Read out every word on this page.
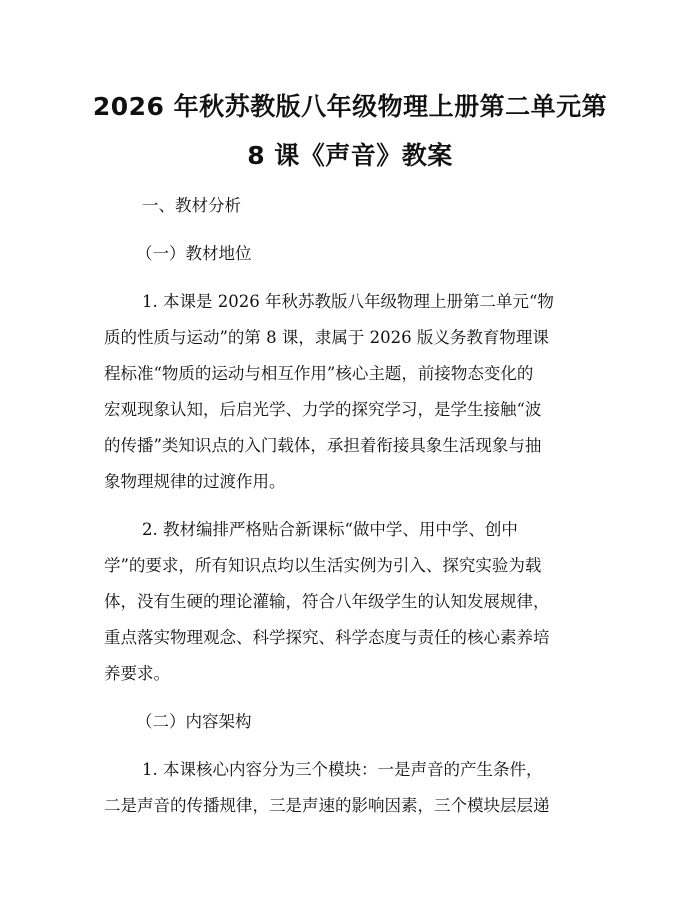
2026 年秋苏教版八年级物理上册第二单元第
8 课《声音》教案
一、教材分析
（一）教材地位
1. 本课是 2026 年秋苏教版八年级物理上册第二单元“物
质的性质与运动”的第 8 课，隶属于 2026 版义务教育物理课
程标准“物质的运动与相互作用”核心主题，前接物态变化的
宏观现象认知，后启光学、力学的探究学习，是学生接触“波
的传播”类知识点的入门载体，承担着衔接具象生活现象与抽
象物理规律的过渡作用。
2. 教材编排严格贴合新课标“做中学、用中学、创中
学”的要求，所有知识点均以生活实例为引入、探究实验为载
体，没有生硬的理论灌输，符合八年级学生的认知发展规律，
重点落实物理观念、科学探究、科学态度与责任的核心素养培
养要求。
（二）内容架构
1. 本课核心内容分为三个模块：一是声音的产生条件，
二是声音的传播规律，三是声速的影响因素，三个模块层层递
